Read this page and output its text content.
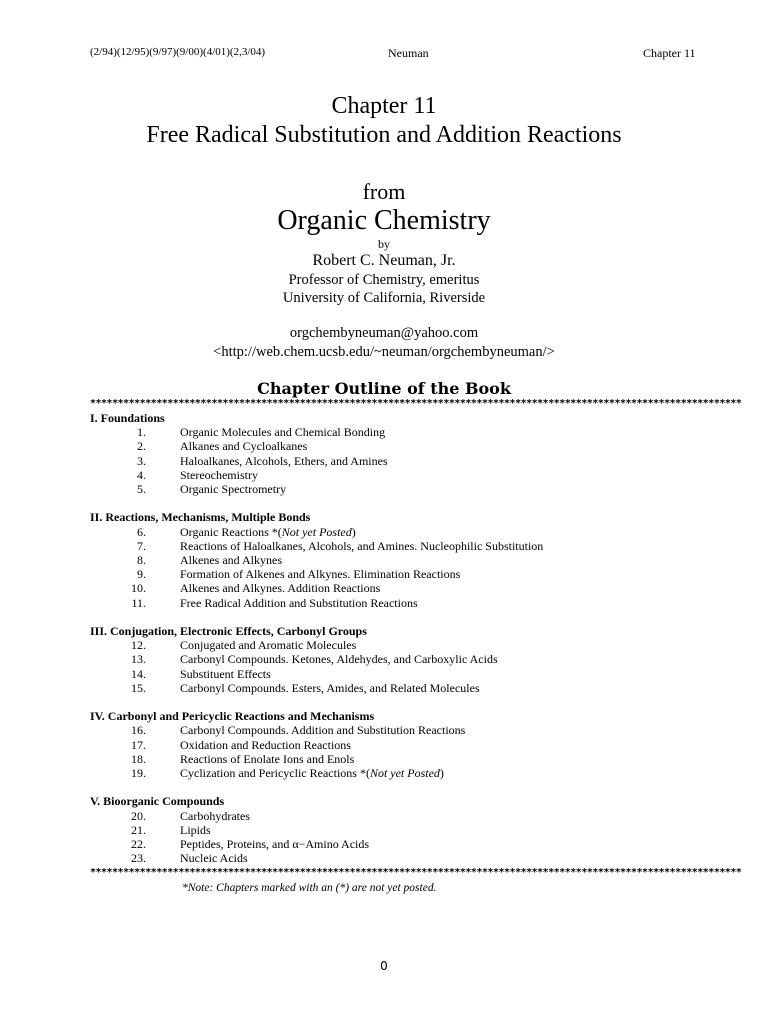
(2/94)(12/95)(9/97)(9/00)(4/01)(2,3/04)	Neuman	Chapter 11
Chapter 11
Free Radical Substitution and Addition Reactions
from
Organic Chemistry
by
Robert C. Neuman, Jr.
Professor of Chemistry, emeritus
University of California, Riverside
orgchembyneuman@yahoo.com
<http://web.chem.ucsb.edu/~neuman/orgchembyneuman/>
Chapter Outline of the Book
**********************************************************************************************************************
I. Foundations
1.	Organic Molecules and Chemical Bonding
2.	Alkanes and Cycloalkanes
3.	Haloalkanes, Alcohols, Ethers, and Amines
4.	Stereochemistry
5.	Organic Spectrometry
II. Reactions, Mechanisms, Multiple Bonds
6.	Organic Reactions *(Not yet Posted)
7.	Reactions of Haloalkanes, Alcohols, and Amines. Nucleophilic Substitution
8.	Alkenes and Alkynes
9.	Formation of Alkenes and Alkynes. Elimination Reactions
10.	Alkenes and Alkynes. Addition Reactions
11.	Free Radical Addition and Substitution Reactions
III. Conjugation, Electronic Effects, Carbonyl Groups
12.	Conjugated and Aromatic Molecules
13.	Carbonyl Compounds. Ketones, Aldehydes, and Carboxylic Acids
14.	Substituent Effects
15.	Carbonyl Compounds. Esters, Amides, and Related Molecules
IV. Carbonyl and Pericyclic Reactions and Mechanisms
16.	Carbonyl Compounds. Addition and Substitution Reactions
17.	Oxidation and Reduction Reactions
18.	Reactions of Enolate Ions and Enols
19.	Cyclization and Pericyclic Reactions *(Not yet Posted)
V. Bioorganic Compounds
20.	Carbohydrates
21.	Lipids
22.	Peptides, Proteins, and α−Amino Acids
23.	Nucleic Acids
**********************************************************************************************************************
*Note: Chapters marked with an (*) are not yet posted.
0
